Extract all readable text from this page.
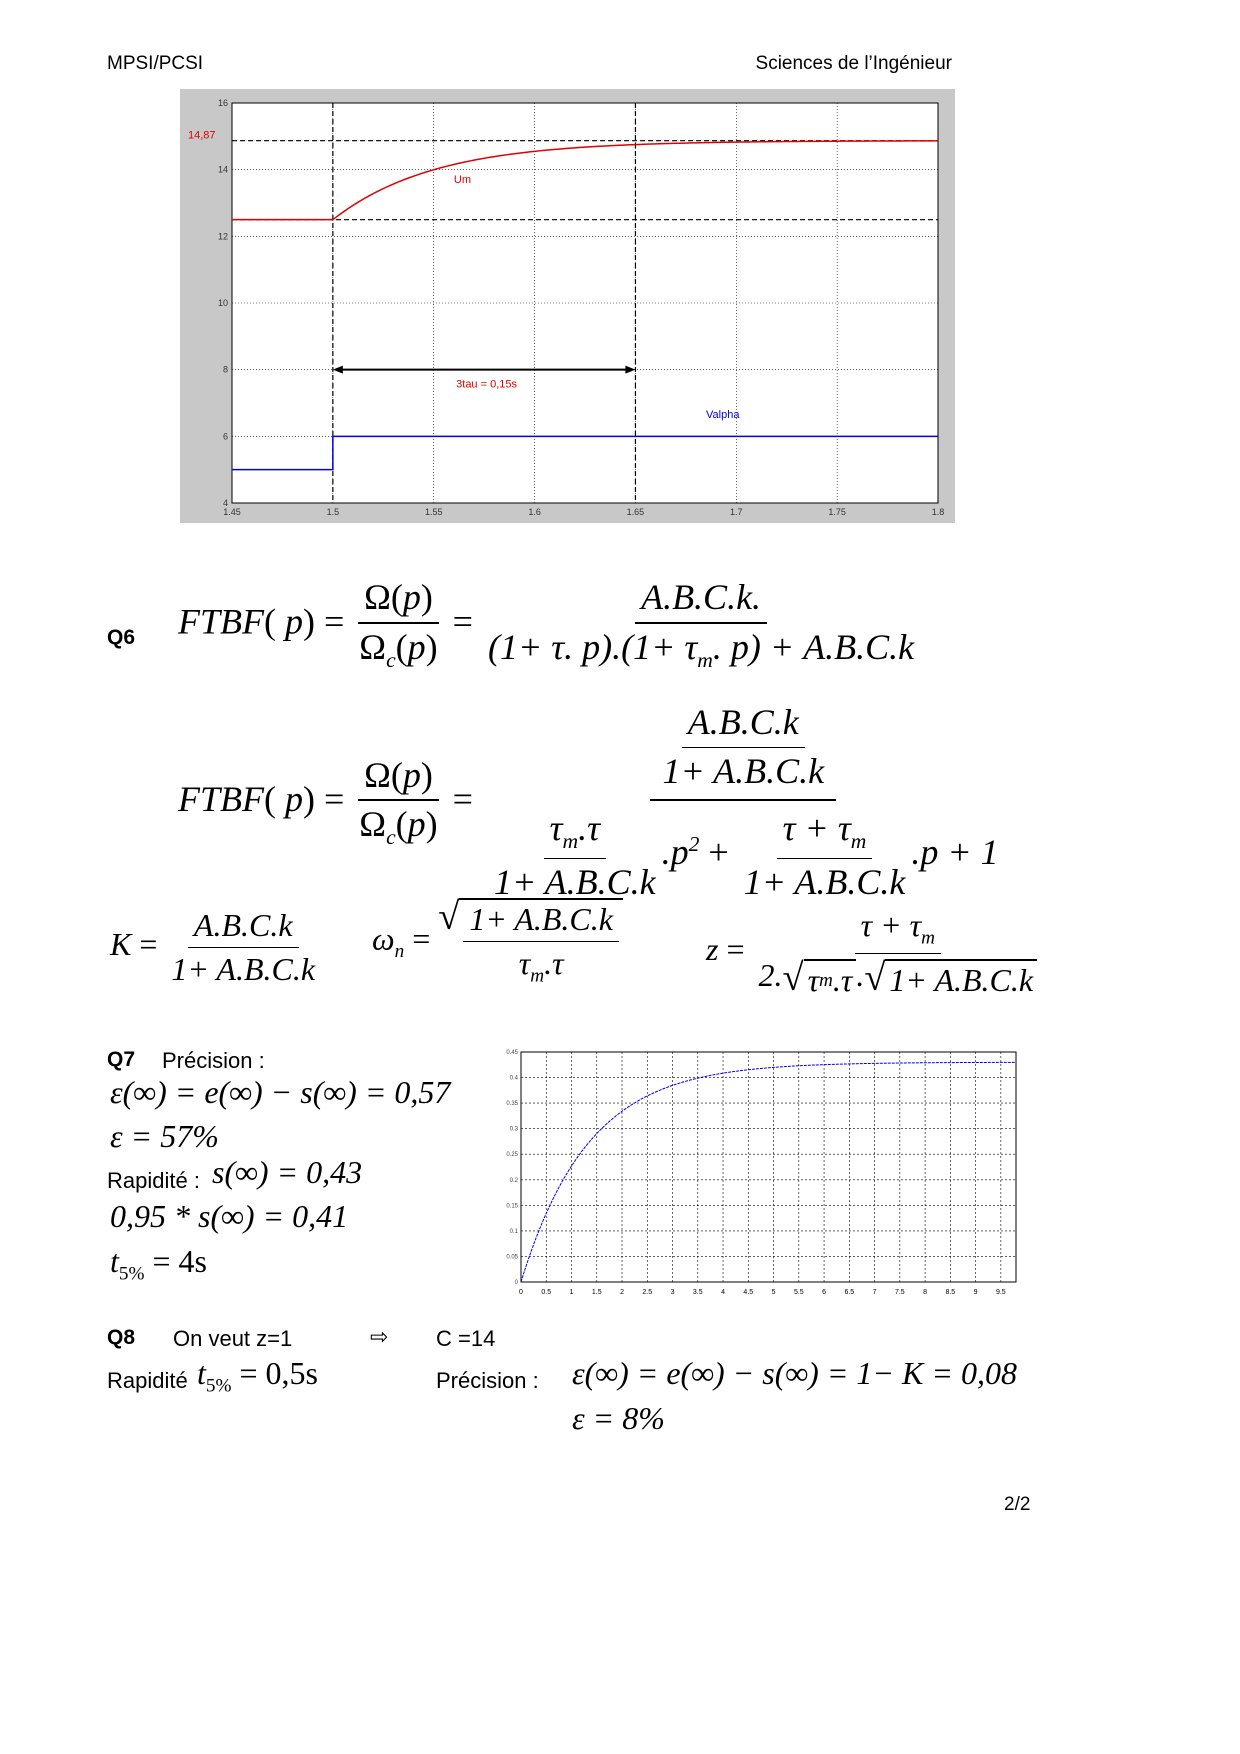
MPSI/PCSI	Sciences de l’Ingénieur
1.45	1.5	1.55	1.6	1.65	1.7	1.75	1.8
4
6
8
10
12
14
16
3tau = 0,15s
14,87
Um
Valpha
Q6 FTBF( $p) = \frac{\Omega(p)}{\Omega_c(p)} = \frac{A.B.C.k.}{(1+ \tau. p).(1+ \tau_m. p) + A.B.C.k}$
FTBF( $p) = \frac{\Omega(p)}{\Omega_c(p)} = \frac{\frac{A.B.C.k}{1+ A.B.C.k}}{\frac{\tau_m.\tau}{1+ A.B.C.k} .p^2 + \frac{\tau + \tau_m}{1+ A.B.C.k} .p + 1}$
$K = \frac{A.B.C.k}{1+ A.B.C.k} \omega_n$ =
√ $\frac{1+ A.B.C.k}{\tau_m.\tau}$	$z = \frac{\tau + \tau_m}{\text{2. √ τ m .τ . √ 1+ A.B.C.k}}$
Q7 Précision :
ε(∞) = e(∞) − s(∞) = 0,57
ε = 57%
Rapidité : s(∞) = 0,43
0,95 * s(∞) = 0,41
$t_{5\%} = 4s$
0	0.5	1	1.5	2	2.5	3	3.5	4	4.5	5	5.5	6	6.5	7	7.5	8	8.5	9	9.5
0
0.05
0.1
0.15
0.2
0.25
0.3
0.35
0.4
0.45
Q8 On veut z=1	⇨ C =14
Rapidité $t_{5\%} = 0,5s$	Précision : ε(∞) = e(∞) − s(∞) = 1− K = 0,08
ε = 8%
2/2
